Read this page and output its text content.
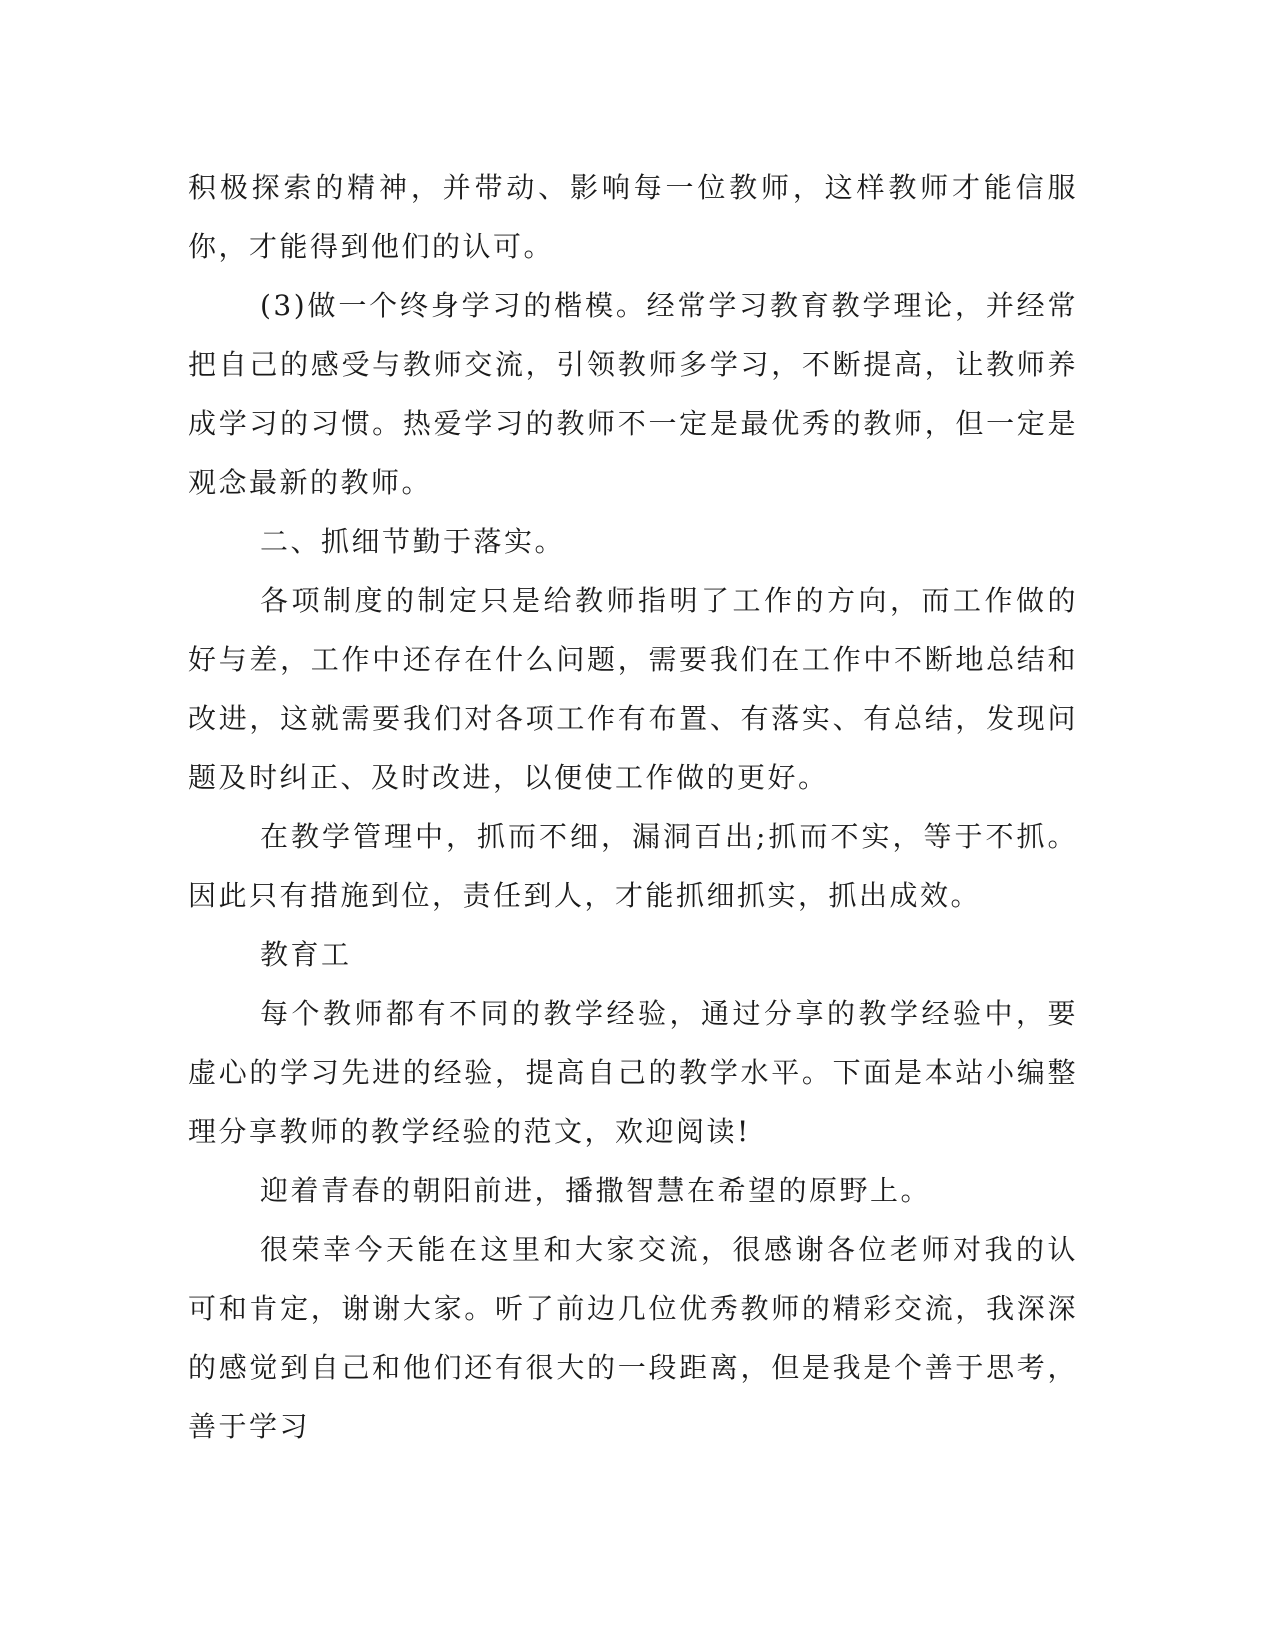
积极探索的精神，并带动、影响每一位教师，这样教师才能信服你，才能得到他们的认可。

(3)做一个终身学习的楷模。经常学习教育教学理论，并经常把自己的感受与教师交流，引领教师多学习，不断提高，让教师养成学习的习惯。热爱学习的教师不一定是最优秀的教师，但一定是观念最新的教师。

二、抓细节勤于落实。

各项制度的制定只是给教师指明了工作的方向，而工作做的好与差，工作中还存在什么问题，需要我们在工作中不断地总结和改进，这就需要我们对各项工作有布置、有落实、有总结，发现问题及时纠正、及时改进，以便使工作做的更好。

在教学管理中，抓而不细，漏洞百出;抓而不实，等于不抓。因此只有措施到位，责任到人，才能抓细抓实，抓出成效。

教育工

每个教师都有不同的教学经验，通过分享的教学经验中，要虚心的学习先进的经验，提高自己的教学水平。下面是本站小编整理分享教师的教学经验的范文，欢迎阅读!

迎着青春的朝阳前进，播撒智慧在希望的原野上。

很荣幸今天能在这里和大家交流，很感谢各位老师对我的认可和肯定，谢谢大家。听了前边几位优秀教师的精彩交流，我深深的感觉到自己和他们还有很大的一段距离，但是我是个善于思考，善于学习
